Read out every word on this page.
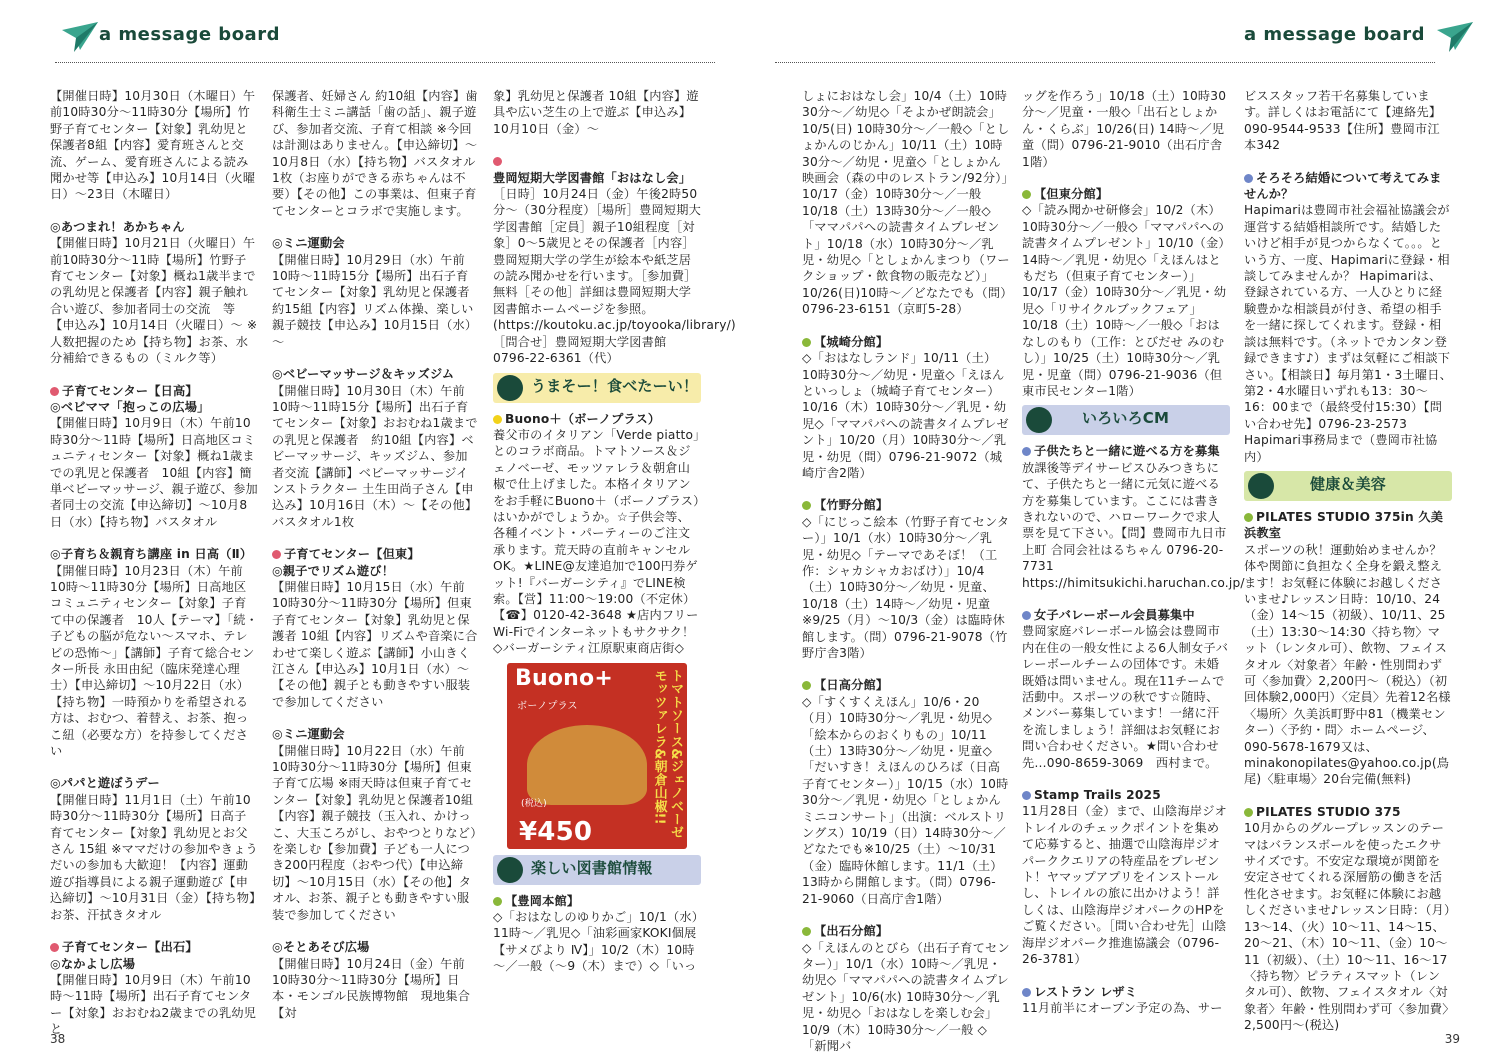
a message board

【開催日時】10月30日（木曜日）午前10時30分～11時30分【場所】竹野子育てセンター【対象】乳幼児と保護者8組【内容】愛育班さんと交流、ゲーム、愛育班さんによる読み聞かせ等【申込み】10月14日（火曜日）～23日（木曜日）

◎あつまれ！あかちゃん

【開催日時】10月21日（火曜日）午前10時30分～11時【場所】竹野子育てセンター【対象】概ね1歳半までの乳幼児と保護者【内容】親子触れ合い遊び、参加者同士の交流　等【申込み】10月14日（火曜日）～ ※人数把握のため【持ち物】お茶、水分補給できるもの（ミルク等）

子育てセンター【日高】

◎ベビママ「抱っこの広場」

【開催日時】10月9日（木）午前10時30分～11時【場所】日高地区コミュニティセンター【対象】概ね1歳までの乳児と保護者　10組【内容】簡単ベビーマッサージ、親子遊び、参加者同士の交流【申込締切】～10月8日（水）【持ち物】バスタオル

◎子育ち＆親育ち講座 in 日高（Ⅱ）

【開催日時】10月23日（木）午前10時～11時30分【場所】日高地区コミュニティセンター【対象】子育て中の保護者　10人【テーマ】「続・子どもの脳が危ない～スマホ、テレビの恐怖～」【講師】子育て総合センター所長 永田由紀（臨床発達心理士）【申込締切】～10月22日（水）【持ち物】一時預かりを希望される方は、おむつ、着替え、お茶、抱っこ紐（必要な方）を持参してください

◎パパと遊ぼうデー

【開催日時】11月1日（土）午前10時30分～11時30分【場所】日高子育てセンター【対象】乳幼児とお父さん 15組 ※ママだけの参加やきょうだいの参加も大歓迎！【内容】運動遊び指導員による親子運動遊び【申込締切】～10月31日（金）【持ち物】お茶、汗拭きタオル

子育てセンター【出石】

◎なかよし広場

【開催日時】10月9日（木）午前10時～11時【場所】出石子育てセンター【対象】おおむね2歳までの乳幼児と

保護者、妊婦さん 約10組【内容】歯科衛生士ミニ講話「歯の話」、親子遊び、参加者交流、子育て相談 ※今回は計測はありません。【申込締切】～10月8日（水）【持ち物】バスタオル1枚（お座りができる赤ちゃんは不要）【その他】この事業は、但東子育てセンターとコラボで実施します。

◎ミニ運動会

【開催日時】10月29日（水）午前10時～11時15分【場所】出石子育てセンター【対象】乳幼児と保護者 約15組【内容】リズム体操、楽しい親子競技【申込み】10月15日（水）～

◎ベビーマッサージ＆キッズジム

【開催日時】10月30日（木）午前10時～11時15分【場所】出石子育てセンター【対象】おおむね1歳までの乳児と保護者　約10組【内容】ベビーマッサージ、キッズジム、参加者交流【講師】ベビーマッサージインストラクター 土生田尚子さん【申込み】10月16日（木）～【その他】バスタオル1枚

子育てセンター【但東】

◎親子でリズム遊び！

【開催日時】10月15日（水）午前10時30分～11時30分【場所】但東子育てセンター【対象】乳幼児と保護者 10組【内容】リズムや音楽に合わせて楽しく遊ぶ【講師】小山きく江さん【申込み】10月1日（水）～【その他】親子とも動きやすい服装で参加してください

◎ミニ運動会

【開催日時】10月22日（水）午前10時30分～11時30分【場所】但東子育て広場 ※雨天時は但東子育てセンター【対象】乳幼児と保護者10組【内容】親子競技（玉入れ、かけっこ、大玉ころがし、おやつとりなど）を楽しむ【参加費】子ども一人につき200円程度（おやつ代）【申込締切】～10月15日（水）【その他】タオル、お茶、親子とも動きやすい服装で参加してください

◎そとあそび広場

【開催日時】10月24日（金）午前10時30分～11時30分【場所】日本・モンゴル民族博物館　現地集合【対

象】乳幼児と保護者 10組【内容】遊具や広い芝生の上で遊ぶ【申込み】10月10日（金）～

豊岡短期大学図書館「おはなし会」

［日時］10月24日（金）午後2時50分～（30分程度）［場所］豊岡短期大学図書館［定員］親子10組程度［対象］0～5歳児とその保護者［内容］豊岡短期大学の学生が絵本や紙芝居の読み聞かせを行います。［参加費］無料［その他］詳細は豊岡短期大学図書館ホームページを参照。(https://koutoku.ac.jp/toyooka/library/)［問合せ］豊岡短期大学図書館　0796-22-6361（代）

うまそー！食べたーい！

Buono＋（ボーノプラス）

養父市のイタリアン「Verde piatto」とのコラボ商品。トマトソース＆ジェノベーゼ、モッツァレラ＆朝倉山椒で仕上げました。本格イタリアンをお手軽にBuono＋（ボーノプラス）はいかがでしょうか。☆子供会等、各種イベント・パーティーのご注文承ります。荒天時の直前キャンセルOK。★LINE@友達追加で100円券ゲット!『バーガーシティ』でLINE検索。【営】11:00～19:00（不定休）【☎】0120-42-3648 ★店内フリーWi-Fiでインターネットもサクサク！◇バーガーシティ江原駅東商店街◇

Buono+
ボーノプラス	トマトソース&ジェノベーゼ モッツァレラ&朝倉山椒!!
(税込)
¥450
楽しい図書館情報

【豊岡本館】

◇「おはなしのゆりかご」10/1（水）11時～／乳児◇「油彩画家KOKI個展【サメびより Ⅳ】」10/2（木）10時～／一般（～9（木）まで）◇「いっ

38
a message board

しょにおはなし会」10/4（土）10時30分～／幼児◇「そよかぜ朗読会」10/5(日) 10時30分～／一般◇「としょかんのじかん」10/11（土）10時30分～／幼児・児童◇「としょかん映画会（森の中のレストラン/92分）」10/17（金）10時30分～／一般 10/18（土）13時30分～／一般◇「ママパパへの読書タイムプレゼント」10/18（水）10時30分～／乳児・幼児◇「としょかんまつり（ワークショップ・飲食物の販売など）」10/26(日)10時～／どなたでも（問）0796-23-6151（京町5-28）

【城崎分館】

◇「おはなしランド」10/11（土）10時30分～／幼児・児童◇「えほんといっしょ（城崎子育てセンター）10/16（木）10時30分～／乳児・幼児◇「ママパパへの読書タイムプレゼント」10/20（月）10時30分～／乳児・幼児（問）0796-21-9072（城崎庁舎2階）

【竹野分館】

◇「にじっこ絵本（竹野子育てセンター）」10/1（水）10時30分～／乳児・幼児◇「テーマであそぼ！（工作：シャカシャカおばけ）」10/4（土）10時30分～／幼児・児童、10/18（土）14時～／幼児・児童 ※9/25（月）～10/3（金）は臨時休館します。（問）0796-21-9078（竹野庁舎3階）

【日高分館】

◇「すくすくえほん」10/6・20（月）10時30分～／乳児・幼児◇「絵本からのおくりもの」10/11（土）13時30分～／幼児・児童◇「だいすき！えほんのひろば（日高子育てセンター）」10/15（水）10時30分～／乳児・幼児◇「としょかんミニコンサート」（出演：ベルストリングス）10/19（日）14時30分～／どなたでも※10/25（土）～10/31（金）臨時休館します。11/1（土）13時から開館します。（問）0796-21-9060（日高庁舎1階）

【出石分館】

◇「えほんのとびら（出石子育てセンター）」10/1（水）10時～／乳児・幼児◇「ママパパへの読書タイムプレゼント」10/6(水) 10時30分～／乳児・幼児◇「おはなしを楽しむ会」10/9（木）10時30分～／一般 ◇「新聞バ

ッグを作ろう」10/18（土）10時30分～／児童・一般◇「出石としょかん・くらぶ」10/26(日) 14時～／児童（問）0796-21-9010（出石庁舎1階）

【但東分館】

◇「読み聞かせ研修会」10/2（木）10時30分～／一般◇「ママパパへの読書タイムプレゼント」10/10（金）14時～／乳児・幼児◇「えほんはともだち（但東子育てセンター）」10/17（金）10時30分～／乳児・幼児◇「リサイクルブックフェア」10/18（土）10時～／一般◇「おはなしのもり（工作：とびだせ みのむし）」10/25（土）10時30分～／乳児・児童（問）0796-21-9036（但東市民センター1階）

いろいろCM

子供たちと一緒に遊べる方を募集

放課後等デイサービスひみつきちにて、子供たちと一緒に元気に遊べる方を募集しています。ここには書ききれないので、ハローワークで求人票を見て下さい。【問】豊岡市九日市上町 合同会社はるちゃん 0796-20-7731 https://himitsukichi.haruchan.co.jp/

女子バレーボール会員募集中

豊岡家庭バレーボール協会は豊岡市内在住の一般女性による6人制女子バレーボールチームの団体です。未婚既婚は問いません。現在11チームで活動中。スポーツの秋です☆随時、メンバー募集しています！一緒に汗を流しましょう！詳細はお気軽にお問い合わせください。★問い合わせ先…090-8659-3069　西村まで。

Stamp Trails 2025

11月28日（金）まで、山陰海岸ジオトレイルのチェックポイントを集めて応募すると、抽選で山陰海岸ジオパーククエリアの特産品をプレゼント！ヤマップアプリをインストールし、トレイルの旅に出かけよう！詳しくは、山陰海岸ジオパークのHPをご覧ください。［問い合わせ先］山陰海岸ジオパーク推進協議会（0796-26-3781）

レストラン レザミ

11月前半にオープン予定の為、サー

ビススタッフ若干名募集しています。詳しくはお電話にて【連絡先】090-9544-9533【住所】豊岡市江本342

そろそろ結婚について考えてみませんか？

Hapimariは豊岡市社会福祉協議会が運営する結婚相談所です。結婚したいけど相手が見つからなくて。。。という方、一度、Hapimariに登録・相談してみませんか？ Hapimariは、登録されている方、一人ひとりに経験豊かな相談員が付き、希望の相手を一緒に探してくれます。登録・相談は無料です。（ネットでカンタン登録できます♪）まずは気軽にご相談下さい。【相談日】毎月第1・3土曜日、第2・4水曜日いずれも13：30～16：00まで（最終受付15:30）【問い合わせ先】0796-23-2573　Hapimari事務局まで（豊岡市社協内）

健康＆美容

PILATES STUDIO 375in 久美浜教室

スポーツの秋！運動始めませんか？体や関節に負担なく全身を鍛え整えます！お気軽に体験にお越しくださいませ♪レッスン日時：10/10、24（金）14～15（初級）、10/11、25（土）13:30～14:30〈持ち物〉マット（レンタル可）、飲物、フェイスタオル〈対象者〉年齢・性別問わず可〈参加費〉2,200円～（税込）（初回体験2,000円）〈定員〉先着12名様〈場所〉久美浜町野中81（機業センター）〈予約・問〉ホームページ、090-5678-1679又は、minakonopilates@yahoo.co.jp(鳥尾)〈駐車場〉20台完備(無料)

PILATES STUDIO 375

10月からのグループレッスンのテーマはバランスボールを使ったエクササイズです。不安定な環境が関節を安定させてくれる深層筋の働きを活性化させます。お気軽に体験にお越しくださいませ♪レッスン日時：（月）13～14、（火）10～11、14～15、20～21、（木）10～11、（金）10～11（初級）、（土）10～11、16～17〈持ち物〉ピラティスマット（レンタル可）、飲物、フェイスタオル〈対象者〉年齢・性別問わず可〈参加費〉2,500円～(税込)

39
